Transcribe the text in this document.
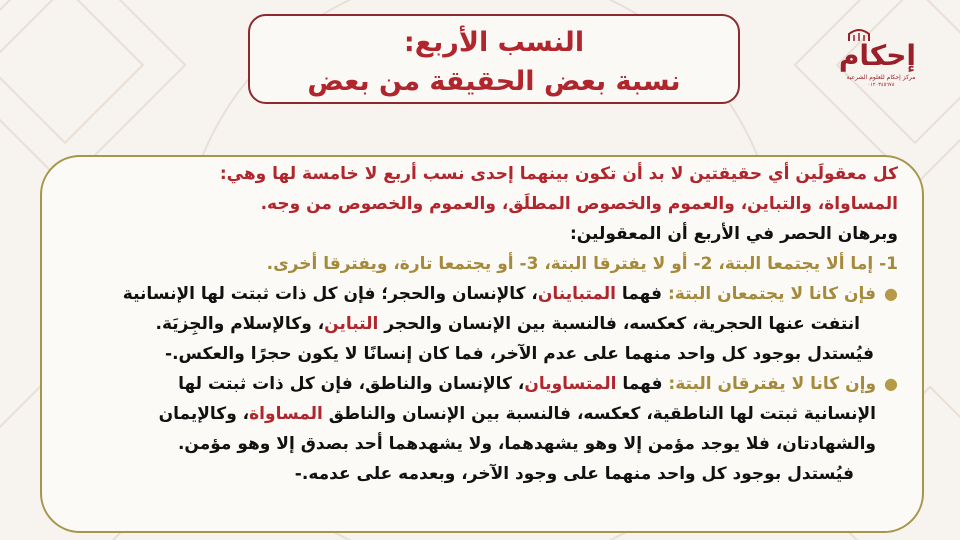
النسب الأربع:
نسبة بعض الحقيقة من بعض
إحكام
مركز إحكام للعلوم الشرعية
٠١٢٠٣٤٥٦٧٨
كل معقولَين أي حقيقتين لا بد أن تكون بينهما إحدى نسب أربع لا خامسة لها وهي:
المساواة، والتباين، والعموم والخصوص المطلَق، والعموم والخصوص من وجه.
وبرهان الحصر في الأربع أن المعقولين:
1- إما ألا يجتمعا البتة، 2- أو لا يفترقا البتة، 3- أو يجتمعا تارة، ويفترقا أخرى.
●فإن كانا لا يجتمعان البتة: فهما المتباينان، كالإنسان والحجر؛ فإن كل ذات ثبتت لها الإنسانية
انتفت عنها الحجرية، كعكسه، فالنسبة بين الإنسان والحجر التباين، وكالإسلام والجِزيَة.
فيُستدل بوجود كل واحد منهما على عدم الآخر، فما كان إنسانًا لا يكون حجرًا والعكس.-
●وإن كانا لا يفترقان البتة: فهما المتساويان، كالإنسان والناطق، فإن كل ذات ثبتت لها
الإنسانية ثبتت لها الناطقية، كعكسه، فالنسبة بين الإنسان والناطق المساواة، وكالإيمان
والشهادتان، فلا يوجد مؤمن إلا وهو يشهدهما، ولا يشهدهما أحد بصدق إلا وهو مؤمن.
فيُستدل بوجود كل واحد منهما على وجود الآخر، وبعدمه على عدمه.-
